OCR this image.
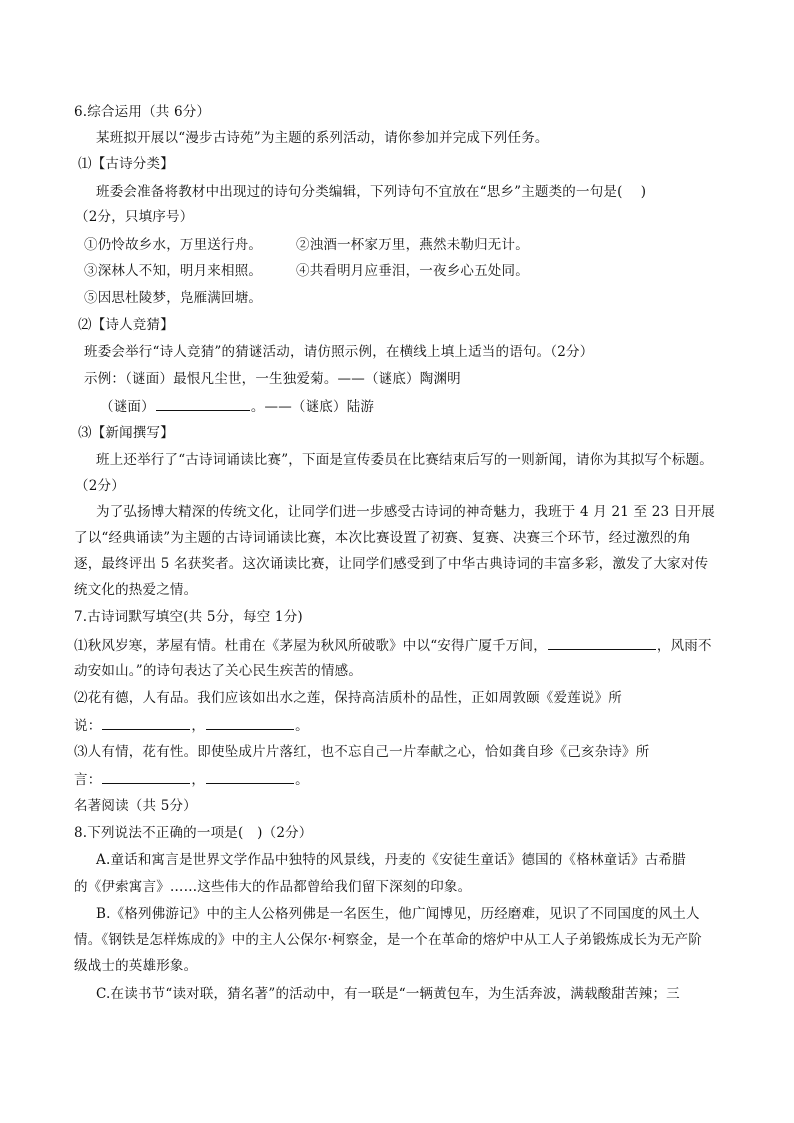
6.综合运用（共 6分）
某班拟开展以“漫步古诗苑”为主题的系列活动，请你参加并完成下列任务。
⑴【古诗分类】
班委会准备将教材中出现过的诗句分类编辑，下列诗句不宜放在“思乡”主题类的一句是(　 )
（2分，只填序号）
①仍怜故乡水，万里送行舟。	②浊酒一杯家万里，燕然未勒归无计。
③深林人不知，明月来相照。	④共看明月应垂泪，一夜乡心五处同。
⑤因思杜陵梦，凫雁满回塘。
⑵【诗人竞猜】
班委会举行“诗人竞猜”的猜谜活动，请仿照示例，在横线上填上适当的语句。（2分）
示例：（谜面）最恨凡尘世，一生独爱菊。——（谜底）陶渊明
（谜面）	。——（谜底）陆游
⑶【新闻撰写】
班上还举行了“古诗词诵读比赛”，下面是宣传委员在比赛结束后写的一则新闻，请你为其拟写个标题。
（2分）
为了弘扬博大精深的传统文化，让同学们进一步感受古诗词的神奇魅力，我班于 4 月 21 至 23 日开展
了以“经典诵读”为主题的古诗词诵读比赛，本次比赛设置了初赛、复赛、决赛三个环节，经过激烈的角
逐，最终评出 5 名获奖者。这次诵读比赛，让同学们感受到了中华古典诗词的丰富多彩，激发了大家对传
统文化的热爱之情。
7.古诗词默写填空(共 5分，每空 1分)
⑴秋风岁寒，茅屋有情。杜甫在《茅屋为秋风所破歌》中以“安得广厦千万间，	，风雨不
动安如山。”的诗句表达了关心民生疾苦的情感。
⑵花有德，人有品。我们应该如出水之莲，保持高洁质朴的品性，正如周敦颐《爱莲说》所
说：	，	。
⑶人有情，花有性。即使坠成片片落红，也不忘自己一片奉献之心，恰如龚自珍《己亥杂诗》所
言：	，	。
名著阅读（共 5分）
8.下列说法不正确的一项是(　)（2分）
A.童话和寓言是世界文学作品中独特的风景线，丹麦的《安徒生童话》德国的《格林童话》古希腊
的《伊索寓言》……这些伟大的作品都曾给我们留下深刻的印象。
B.《格列佛游记》中的主人公格列佛是一名医生，他广闻博见，历经磨难，见识了不同国度的风土人
情。《钢铁是怎样炼成的》中的主人公保尔·柯察金，是一个在革命的熔炉中从工人子弟锻炼成长为无产阶
级战士的英雄形象。
C.在读书节“读对联，猜名著”的活动中，有一联是“一辆黄包车，为生活奔波，满载酸甜苦辣；三
